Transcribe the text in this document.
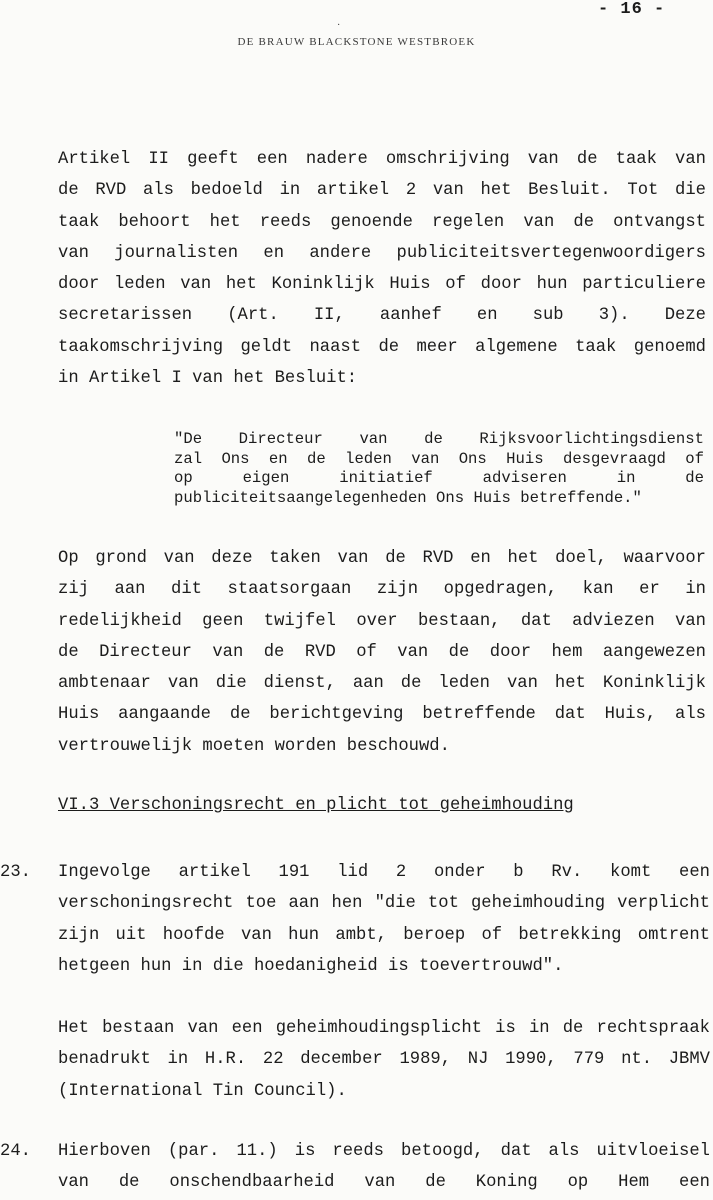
- 16 -
·
DE BRAUW BLACKSTONE WESTBROEK
Artikel II geeft een nadere omschrijving van de taak van
de RVD als bedoeld in artikel 2 van het Besluit. Tot die
taak behoort het reeds genoende regelen van de ontvangst
van journalisten en andere publiciteitsvertegenwoordigers
door leden van het Koninklijk Huis of door hun particuliere
secretarissen (Art. II, aanhef en sub 3). Deze
taakomschrijving geldt naast de meer algemene taak genoemd
in Artikel I van het Besluit:
"De Directeur van de Rijksvoorlichtingsdienst
zal Ons en de leden van Ons Huis desgevraagd of
op eigen initiatief adviseren in de
publiciteitsaangelegenheden Ons Huis betreffende."
Op grond van deze taken van de RVD en het doel, waarvoor
zij aan dit staatsorgaan zijn opgedragen, kan er in
redelijkheid geen twijfel over bestaan, dat adviezen van
de Directeur van de RVD of van de door hem aangewezen
ambtenaar van die dienst, aan de leden van het Koninklijk
Huis aangaande de berichtgeving betreffende dat Huis, als
vertrouwelijk moeten worden beschouwd.
VI.3 Verschoningsrecht en plicht tot geheimhouding
23. Ingevolge artikel 191 lid 2 onder b Rv. komt een
verschoningsrecht toe aan hen "die tot geheimhouding verplicht
zijn uit hoofde van hun ambt, beroep of betrekking omtrent
hetgeen hun in die hoedanigheid is toevertrouwd".
Het bestaan van een geheimhoudingsplicht is in de rechtspraak
benadrukt in H.R. 22 december 1989, NJ 1990, 779 nt. JBMV
(International Tin Council).
24. Hierboven (par. 11.) is reeds betoogd, dat als uitvloeisel
van de onschendbaarheid van de Koning op Hem een
